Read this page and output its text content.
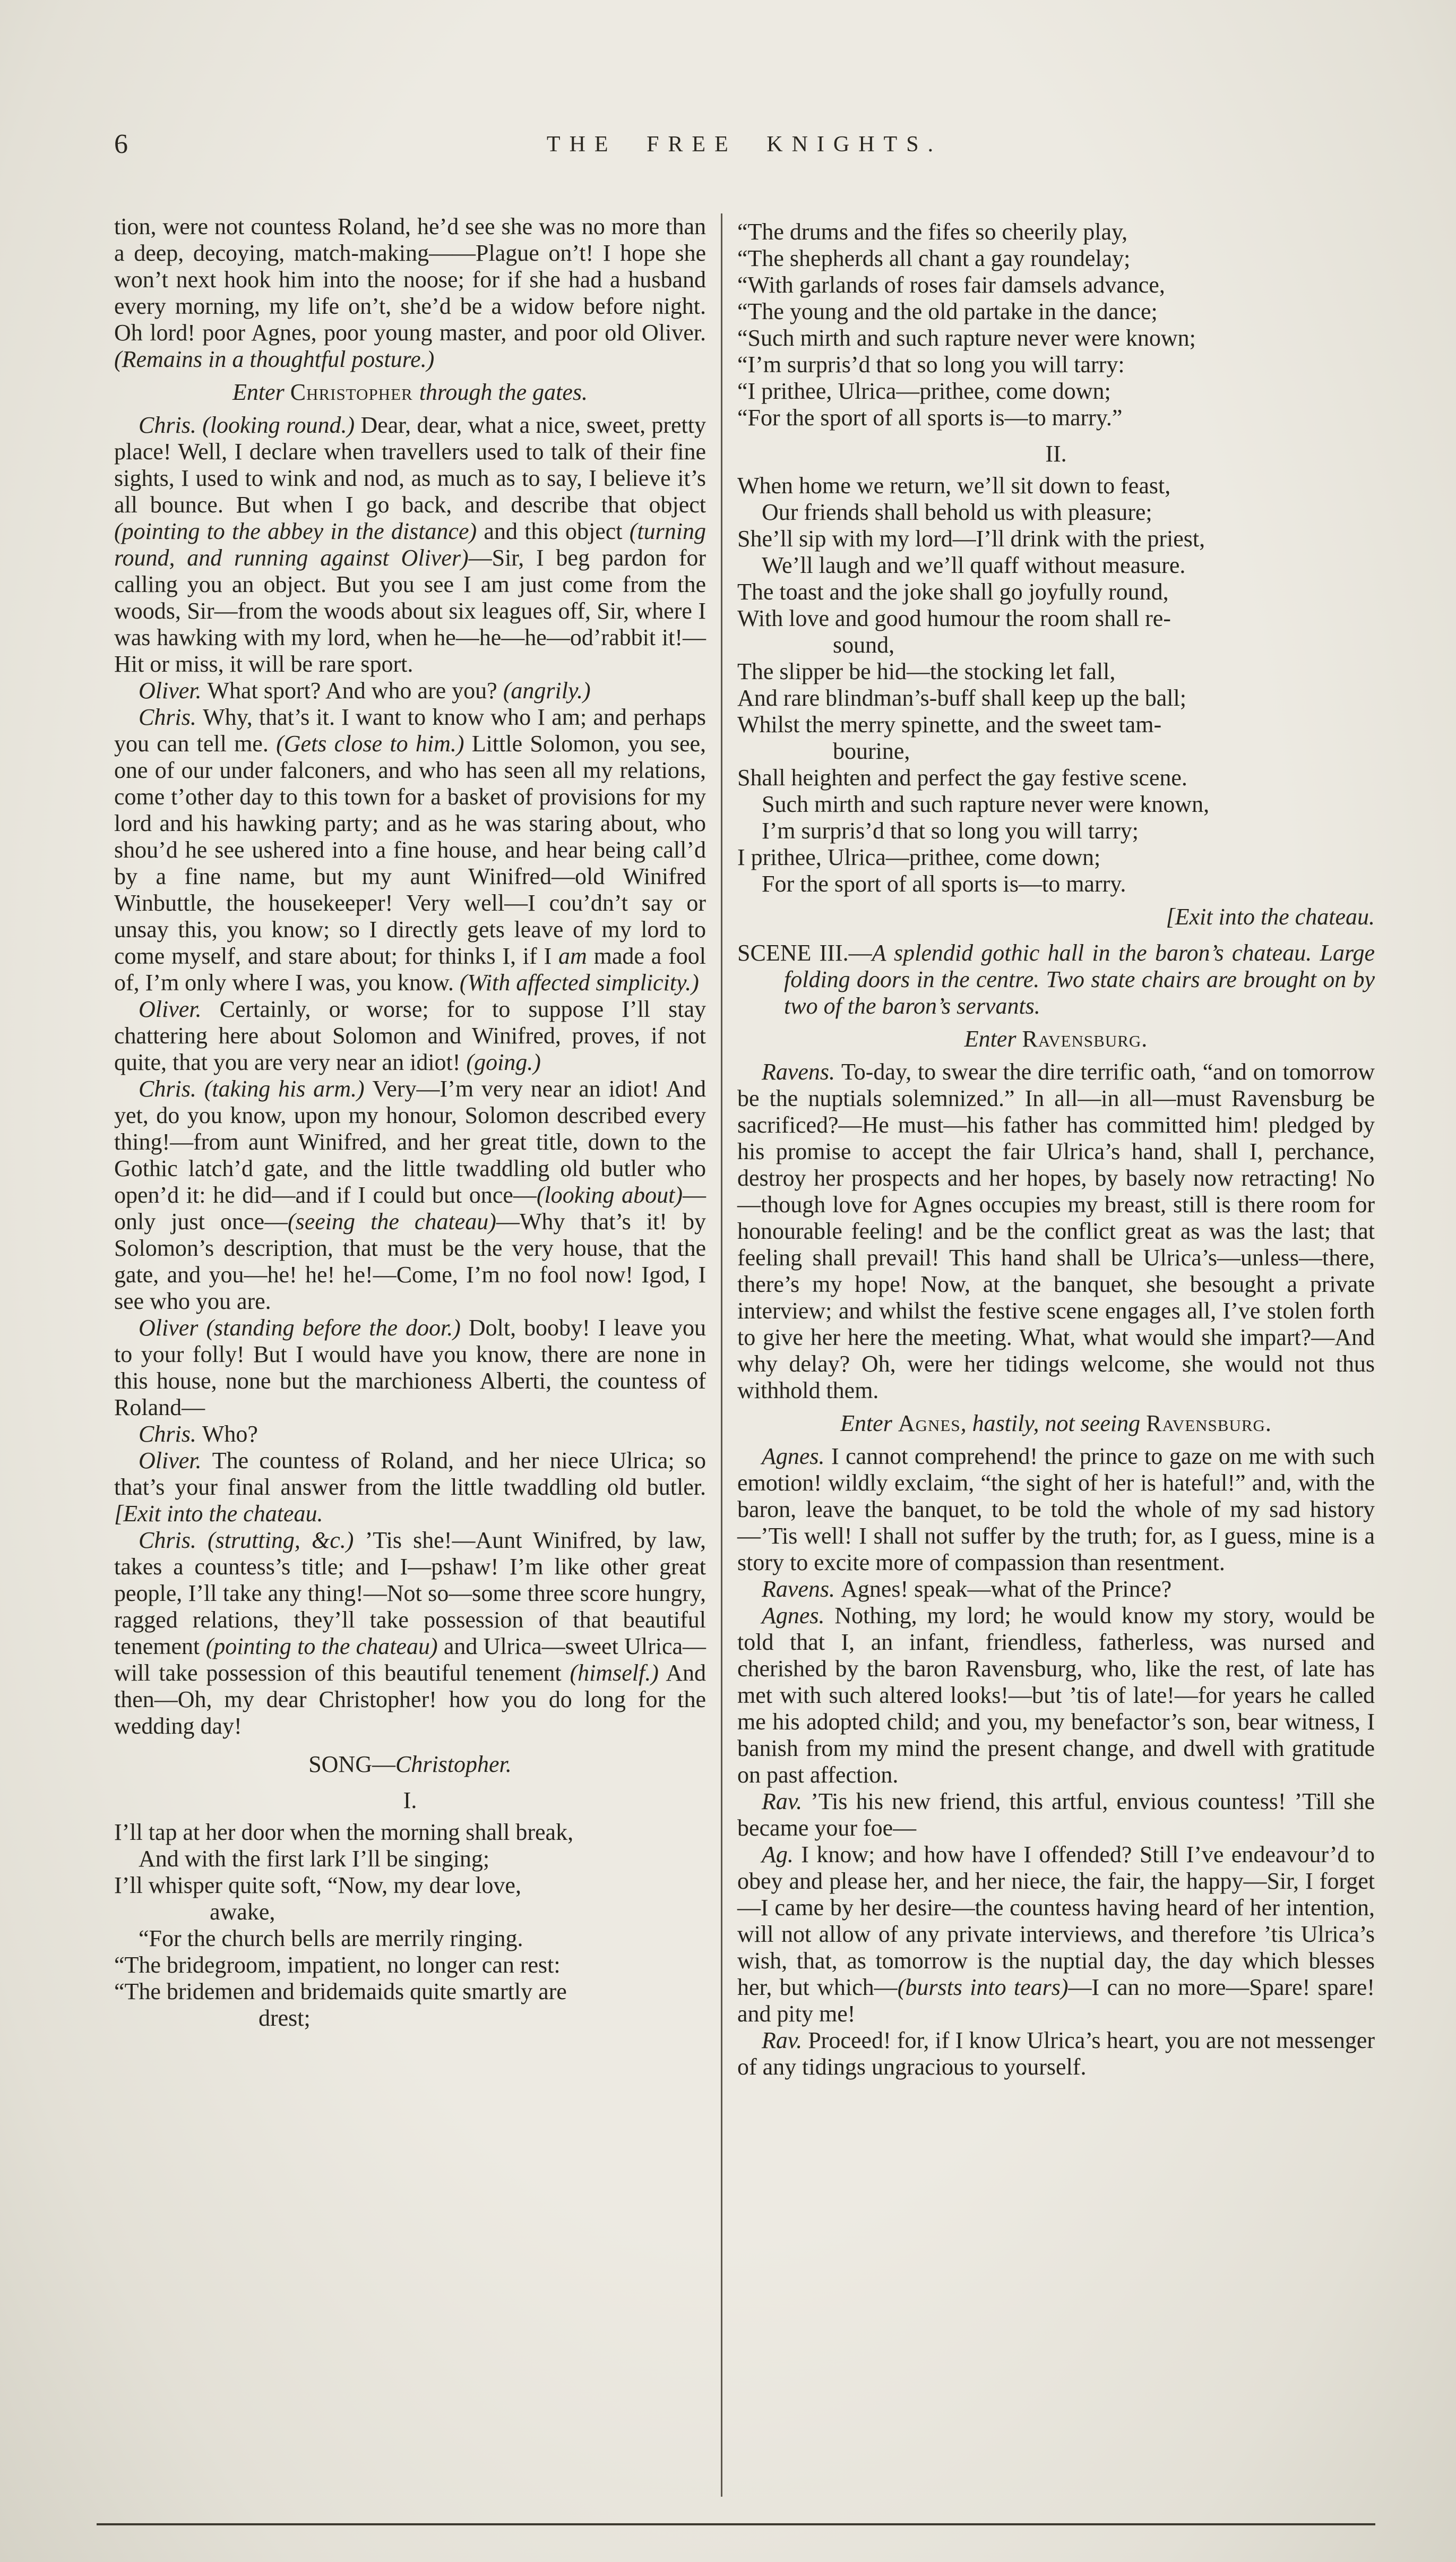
6	THE FREE KNIGHTS.

tion, were not countess Roland, he’d see she was no more than a deep, decoying, match-making——Plague on’t! I hope she won’t next hook him into the noose; for if she had a husband every morning, my life on’t, she’d be a widow before night. Oh lord! poor Agnes, poor young master, and poor old Oliver. (Remains in a thoughtful posture.)

Enter Christopher through the gates.

Chris. (looking round.) Dear, dear, what a nice, sweet, pretty place! Well, I declare when travellers used to talk of their fine sights, I used to wink and nod, as much as to say, I believe it’s all bounce. But when I go back, and describe that object (pointing to the abbey in the distance) and this object (turning round, and running against Oliver)—Sir, I beg pardon for calling you an object. But you see I am just come from the woods, Sir—from the woods about six leagues off, Sir, where I was hawking with my lord, when he—he—he—od’rabbit it!—Hit or miss, it will be rare sport.

Oliver. What sport? And who are you? (angrily.)

Chris. Why, that’s it. I want to know who I am; and perhaps you can tell me. (Gets close to him.) Little Solomon, you see, one of our under falconers, and who has seen all my relations, come t’other day to this town for a basket of provisions for my lord and his hawking party; and as he was staring about, who shou’d he see ushered into a fine house, and hear being call’d by a fine name, but my aunt Winifred—old Winifred Winbuttle, the housekeeper! Very well—I cou’dn’t say or unsay this, you know; so I directly gets leave of my lord to come myself, and stare about; for thinks I, if I am made a fool of, I’m only where I was, you know. (With affected simplicity.)

Oliver. Certainly, or worse; for to suppose I’ll stay chattering here about Solomon and Winifred, proves, if not quite, that you are very near an idiot! (going.)

Chris. (taking his arm.) Very—I’m very near an idiot! And yet, do you know, upon my honour, Solomon described every thing!—from aunt Winifred, and her great title, down to the Gothic latch’d gate, and the little twaddling old butler who open’d it: he did—and if I could but once—(looking about)—only just once—(seeing the chateau)—Why that’s it! by Solomon’s description, that must be the very house, that the gate, and you—he! he! he!—Come, I’m no fool now! Igod, I see who you are.

Oliver (standing before the door.) Dolt, booby! I leave you to your folly! But I would have you know, there are none in this house, none but the marchioness Alberti, the countess of Roland—

Chris. Who?

Oliver. The countess of Roland, and her niece Ulrica; so that’s your final answer from the little twaddling old butler. [Exit into the chateau.

Chris. (strutting, &c.) ’Tis she!—Aunt Winifred, by law, takes a countess’s title; and I—pshaw! I’m like other great people, I’ll take any thing!—Not so—some three score hungry, ragged relations, they’ll take possession of that beautiful tenement (pointing to the chateau) and Ulrica—sweet Ulrica—will take possession of this beautiful tenement (himself.) And then—Oh, my dear Christopher! how you do long for the wedding day!

SONG—Christopher.

I.

I’ll tap at her door when the morning shall break,
And with the first lark I’ll be singing;
I’ll whisper quite soft, “Now, my dear love,
awake,
“For the church bells are merrily ringing.
“The bridegroom, impatient, no longer can rest:
“The bridemen and bridemaids quite smartly are
drest;
“The drums and the fifes so cheerily play,
“The shepherds all chant a gay roundelay;
“With garlands of roses fair damsels advance,
“The young and the old partake in the dance;
“Such mirth and such rapture never were known;
“I’m surpris’d that so long you will tarry:
“I prithee, Ulrica—prithee, come down;
“For the sport of all sports is—to marry.”

II.

When home we return, we’ll sit down to feast,
Our friends shall behold us with pleasure;
She’ll sip with my lord—I’ll drink with the priest,
We’ll laugh and we’ll quaff without measure.
The toast and the joke shall go joyfully round,
With love and good humour the room shall re-
sound,
The slipper be hid—the stocking let fall,
And rare blindman’s-buff shall keep up the ball;
Whilst the merry spinette, and the sweet tam-
bourine,
Shall heighten and perfect the gay festive scene.
Such mirth and such rapture never were known,
I’m surpris’d that so long you will tarry;
I prithee, Ulrica—prithee, come down;
For the sport of all sports is—to marry.

[Exit into the chateau.

SCENE III.—A splendid gothic hall in the baron’s chateau. Large folding doors in the centre. Two state chairs are brought on by two of the baron’s servants.

Enter Ravensburg.

Ravens. To-day, to swear the dire terrific oath, “and on tomorrow be the nuptials solemnized.” In all—in all—must Ravensburg be sacrificed?—He must—his father has committed him! pledged by his promise to accept the fair Ulrica’s hand, shall I, perchance, destroy her prospects and her hopes, by basely now retracting! No—though love for Agnes occupies my breast, still is there room for honourable feeling! and be the conflict great as was the last; that feeling shall prevail! This hand shall be Ulrica’s—unless—there, there’s my hope! Now, at the banquet, she besought a private interview; and whilst the festive scene engages all, I’ve stolen forth to give her here the meeting. What, what would she impart?—And why delay? Oh, were her tidings welcome, she would not thus withhold them.

Enter Agnes, hastily, not seeing Ravensburg.

Agnes. I cannot comprehend! the prince to gaze on me with such emotion! wildly exclaim, “the sight of her is hateful!” and, with the baron, leave the banquet, to be told the whole of my sad history—’Tis well! I shall not suffer by the truth; for, as I guess, mine is a story to excite more of compassion than resentment.

Ravens. Agnes! speak—what of the Prince?

Agnes. Nothing, my lord; he would know my story, would be told that I, an infant, friendless, fatherless, was nursed and cherished by the baron Ravensburg, who, like the rest, of late has met with such altered looks!—but ’tis of late!—for years he called me his adopted child; and you, my benefactor’s son, bear witness, I banish from my mind the present change, and dwell with gratitude on past affection.

Rav. ’Tis his new friend, this artful, envious countess! ’Till she became your foe—

Ag. I know; and how have I offended? Still I’ve endeavour’d to obey and please her, and her niece, the fair, the happy—Sir, I forget—I came by her desire—the countess having heard of her intention, will not allow of any private interviews, and therefore ’tis Ulrica’s wish, that, as tomorrow is the nuptial day, the day which blesses her, but which—(bursts into tears)—I can no more—Spare! spare! and pity me!

Rav. Proceed! for, if I know Ulrica’s heart, you are not messenger of any tidings ungracious to yourself.
